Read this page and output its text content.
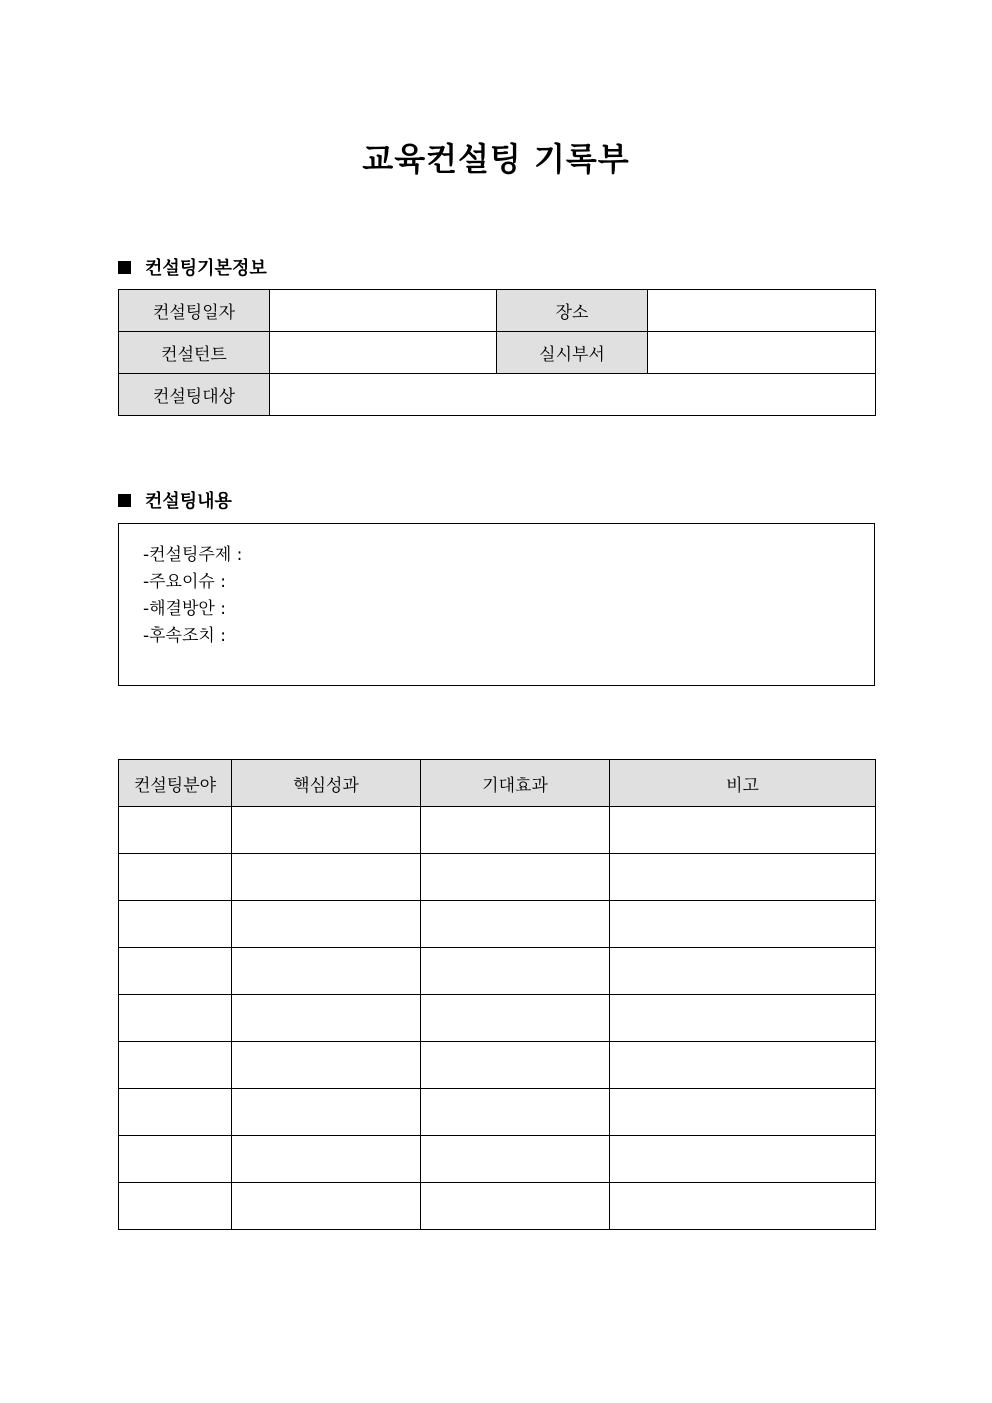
교육컨설팅 기록부
컨설팅기본정보
컨설팅일자		장소	
컨설턴트		실시부서	
컨설팅대상			
컨설팅내용
-컨설팅주제 :
-주요이슈 :
-해결방안 :
-후속조치 :
컨설팅분야	핵심성과	기대효과	비고
